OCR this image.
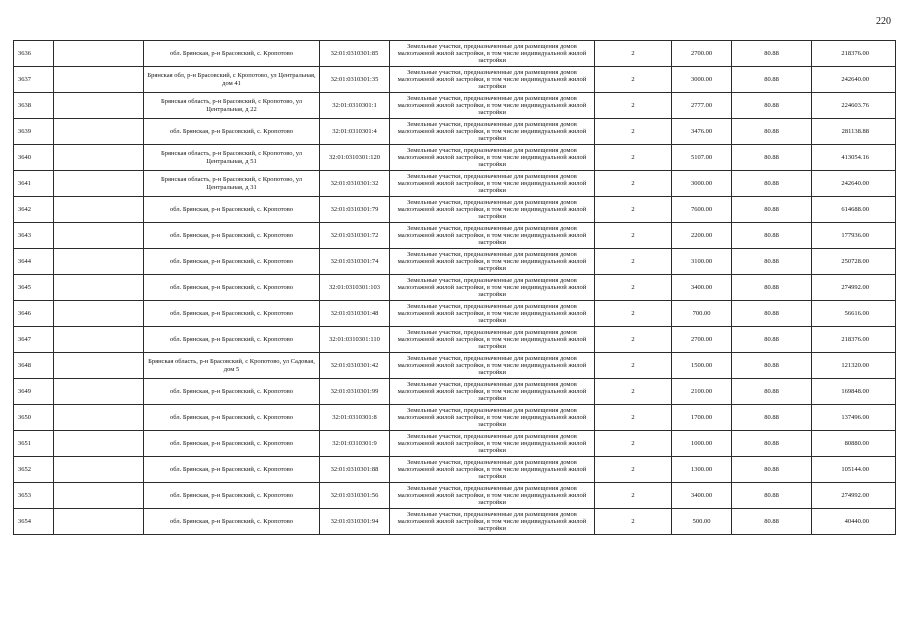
220
3636		обл. Брянская, р-н Брасовский, с. Кропотово	32:01:0310301:85	Земельные участки, предназначенные для размещения домов малоэтажной жилой застройки, в том числе индивидуальной жилой застройки	2	2700.00	80.88	218376.00
3637		Брянская обл, р-н Брасовский, с Кропотово, ул Центральная, дом 41	32:01:0310301:35	Земельные участки, предназначенные для размещения домов малоэтажной жилой застройки, в том числе индивидуальной жилой застройки	2	3000.00	80.88	242640.00
3638		Брянская область, р-н Брасовский, с Кропотово, ул Центральная, д 22	32:01:0310301:1	Земельные участки, предназначенные для размещения домов малоэтажной жилой застройки, в том числе индивидуальной жилой застройки	2	2777.00	80.88	224603.76
3639		обл. Брянская, р-н Брасовский, с. Кропотово	32:01:0310301:4	Земельные участки, предназначенные для размещения домов малоэтажной жилой застройки, в том числе индивидуальной жилой застройки	2	3476.00	80.88	281138.88
3640		Брянская область, р-н Брасовский, с Кропотово, ул Центральная, д 51	32:01:0310301:120	Земельные участки, предназначенные для размещения домов малоэтажной жилой застройки, в том числе индивидуальной жилой застройки	2	5107.00	80.88	413054.16
3641		Брянская область, р-н Брасовский, с Кропотово, ул Центральная, д 31	32:01:0310301:32	Земельные участки, предназначенные для размещения домов малоэтажной жилой застройки, в том числе индивидуальной жилой застройки	2	3000.00	80.88	242640.00
3642		обл. Брянская, р-н Брасовский, с. Кропотово	32:01:0310301:79	Земельные участки, предназначенные для размещения домов малоэтажной жилой застройки, в том числе индивидуальной жилой застройки	2	7600.00	80.88	614688.00
3643		обл. Брянская, р-н Брасовский, с. Кропотово	32:01:0310301:72	Земельные участки, предназначенные для размещения домов малоэтажной жилой застройки, в том числе индивидуальной жилой застройки	2	2200.00	80.88	177936.00
3644		обл. Брянская, р-н Брасовский, с. Кропотово	32:01:0310301:74	Земельные участки, предназначенные для размещения домов малоэтажной жилой застройки, в том числе индивидуальной жилой застройки	2	3100.00	80.88	250728.00
3645		обл. Брянская, р-н Брасовский, с. Кропотово	32:01:0310301:103	Земельные участки, предназначенные для размещения домов малоэтажной жилой застройки, в том числе индивидуальной жилой застройки	2	3400.00	80.88	274992.00
3646		обл. Брянская, р-н Брасовский, с. Кропотово	32:01:0310301:48	Земельные участки, предназначенные для размещения домов малоэтажной жилой застройки, в том числе индивидуальной жилой застройки	2	700.00	80.88	56616.00
3647		обл. Брянская, р-н Брасовский, с. Кропотово	32:01:0310301:110	Земельные участки, предназначенные для размещения домов малоэтажной жилой застройки, в том числе индивидуальной жилой застройки	2	2700.00	80.88	218376.00
3648		Брянская область, р-н Брасовский, с Кропотово, ул Садовая, дом 5	32:01:0310301:42	Земельные участки, предназначенные для размещения домов малоэтажной жилой застройки, в том числе индивидуальной жилой застройки	2	1500.00	80.88	121320.00
3649		обл. Брянская, р-н Брасовский, с. Кропотово	32:01:0310301:99	Земельные участки, предназначенные для размещения домов малоэтажной жилой застройки, в том числе индивидуальной жилой застройки	2	2100.00	80.88	169848.00
3650		обл. Брянская, р-н Брасовский, с. Кропотово	32:01:0310301:8	Земельные участки, предназначенные для размещения домов малоэтажной жилой застройки, в том числе индивидуальной жилой застройки	2	1700.00	80.88	137496.00
3651		обл. Брянская, р-н Брасовский, с. Кропотово	32:01:0310301:9	Земельные участки, предназначенные для размещения домов малоэтажной жилой застройки, в том числе индивидуальной жилой застройки	2	1000.00	80.88	80880.00
3652		обл. Брянская, р-н Брасовский, с. Кропотово	32:01:0310301:88	Земельные участки, предназначенные для размещения домов малоэтажной жилой застройки, в том числе индивидуальной жилой застройки	2	1300.00	80.88	105144.00
3653		обл. Брянская, р-н Брасовский, с. Кропотово	32:01:0310301:56	Земельные участки, предназначенные для размещения домов малоэтажной жилой застройки, в том числе индивидуальной жилой застройки	2	3400.00	80.88	274992.00
3654		обл. Брянская, р-н Брасовский, с. Кропотово	32:01:0310301:94	Земельные участки, предназначенные для размещения домов малоэтажной жилой застройки, в том числе индивидуальной жилой застройки	2	500.00	80.88	40440.00
